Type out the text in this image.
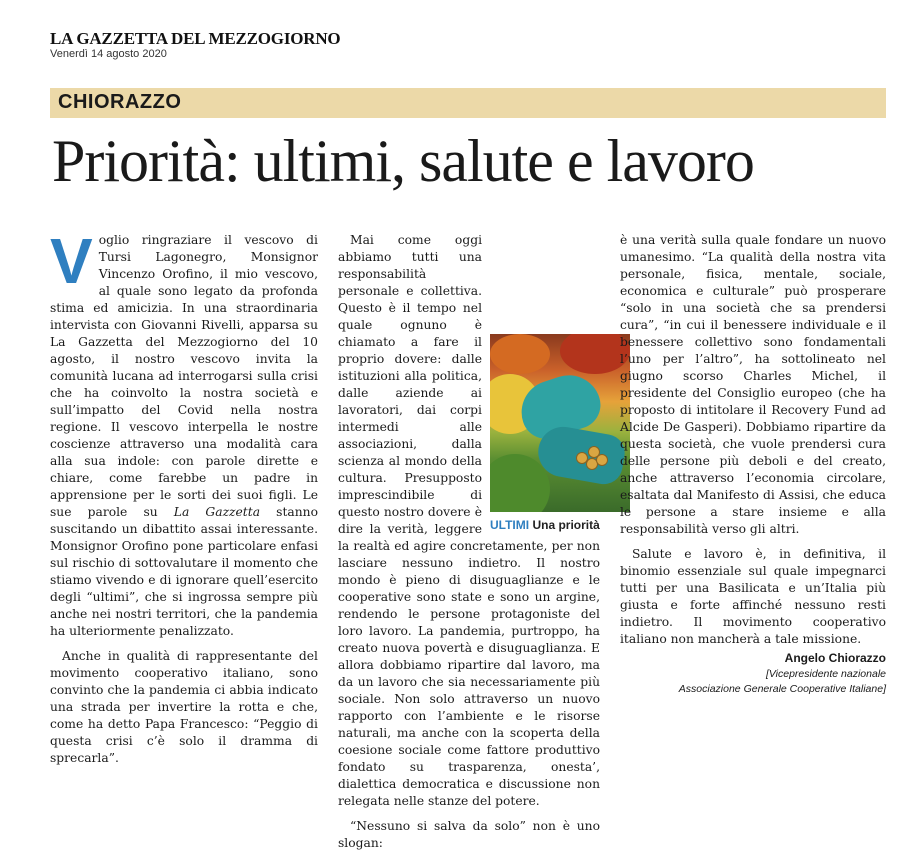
LA GAZZETTA DEL MEZZOGIORNO
Venerdì 14 agosto 2020
CHIORAZZO
Priorità: ultimi, salute e lavoro

Voglio ringraziare il vescovo di Tursi Lagonegro, Monsignor Vincenzo Orofino, il mio vescovo, al quale sono legato da profonda stima ed amicizia. In una straordinaria intervista con Giovanni Rivelli, apparsa su La Gazzetta del Mezzogiorno del 10 agosto, il nostro vescovo invita la comunità lucana ad interrogarsi sulla crisi che ha coinvolto la nostra società e sull’impatto del Covid nella nostra regione. Il vescovo interpella le nostre coscienze attraverso una modalità cara alla sua indole: con parole dirette e chiare, come farebbe un padre in apprensione per le sorti dei suoi figli. Le sue parole su La Gazzetta stanno suscitando un dibattito assai interessante. Monsignor Orofino pone particolare enfasi sul rischio di sottovalutare il momento che stiamo vivendo e di ignorare quell’esercito degli “ultimi”, che si ingrossa sempre più anche nei nostri territori, che la pandemia ha ulteriormente penalizzato.

Anche in qualità di rappresentante del movimento cooperativo italiano, sono convinto che la pandemia ci abbia indicato una strada per invertire la rotta e che, come ha detto Papa Francesco: “Peggio di questa crisi c’è solo il dramma di sprecarla”.

ULTIMI Una priorità

Mai come oggi abbiamo tutti una responsabilità personale e collettiva. Questo è il tempo nel quale ognuno è chiamato a fare il proprio dovere: dalle istituzioni alla politica, dalle aziende ai lavoratori, dai corpi intermedi alle associazioni, dalla scienza al mondo della cultura. Presupposto imprescindibile di questo nostro dovere è dire la verità, leggere la realtà ed agire concretamente, per non lasciare nessuno indietro. Il nostro mondo è pieno di disuguaglianze e le cooperative sono state e sono un argine, rendendo le persone protagoniste del loro lavoro. La pandemia, purtroppo, ha creato nuova povertà e disuguaglianza. E allora dobbiamo ripartire dal lavoro, ma da un lavoro che sia necessariamente più sociale. Non solo attraverso un nuovo rapporto con l’ambiente e le risorse naturali, ma anche con la scoperta della coesione sociale come fattore produttivo fondato su trasparenza, onesta’, dialettica democratica e discussione non relegata nelle stanze del potere.

“Nessuno si salva da solo” non è uno slogan:

è una verità sulla quale fondare un nuovo umanesimo. “La qualità della nostra vita personale, fisica, mentale, sociale, economica e culturale” può prosperare “solo in una società che sa prendersi cura”, “in cui il benessere individuale e il benessere collettivo sono fondamentali l’uno per l’altro”, ha sottolineato nel giugno scorso Charles Michel, il presidente del Consiglio europeo (che ha proposto di intitolare il Recovery Fund ad Alcide De Gasperi). Dobbiamo ripartire da questa società, che vuole prendersi cura delle persone più deboli e del creato, anche attraverso l’economia circolare, esaltata dal Manifesto di Assisi, che educa le persone a stare insieme e alla responsabilità verso gli altri.

Salute e lavoro è, in definitiva, il binomio essenziale sul quale impegnarci tutti per una Basilicata e un’Italia più giusta e forte affinché nessuno resti indietro. Il movimento cooperativo italiano non mancherà a tale missione.

Angelo Chiorazzo
[Vicepresidente nazionale
Associazione Generale Cooperative Italiane]
